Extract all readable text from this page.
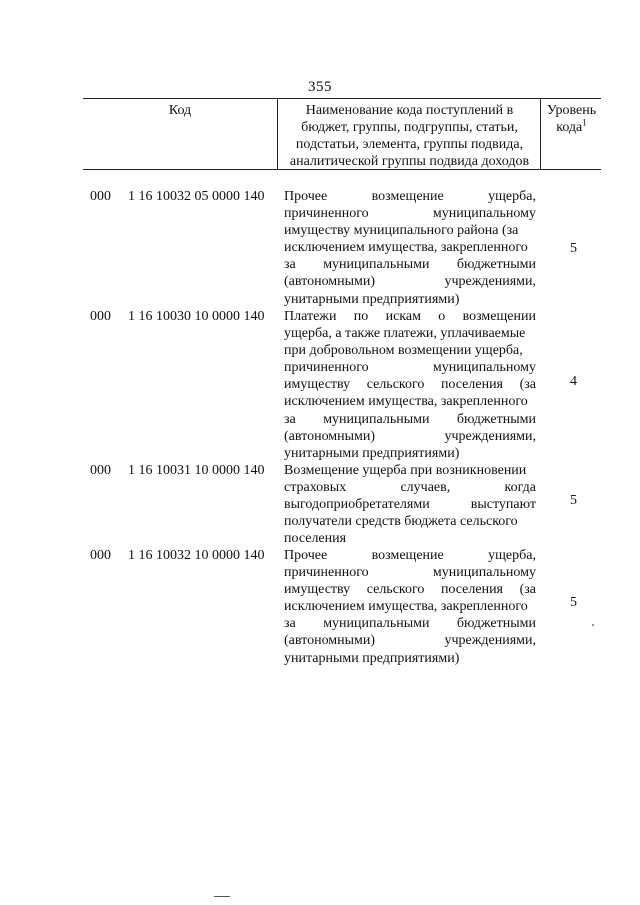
355
Код	Наименование кода поступлений в
бюджет, группы, подгруппы, статьи,
подстатьи, элемента, группы подвида,
аналитической группы подвида доходов
Уровень
кода$^1$
000 1 16 10032 05 0000 140 Прочее	возмещение	ущерба,
причиненного	муниципальному
имуществу муниципального района (за
исключением имущества, закрепленного
за муниципальными бюджетными
(автономными)	учреждениями,
унитарными предприятиями)
5
000 1 16 10030 10 0000 140 Платежи по искам о возмещении
ущерба, а также платежи, уплачиваемые
при добровольном возмещении ущерба,
причиненного	муниципальному
имуществу сельского поселения (за
исключением имущества, закрепленного
за муниципальными бюджетными
(автономными)	учреждениями,
унитарными предприятиями)
4
000 1 16 10031 10 0000 140 Возмещение ущерба при возникновении
страховых	случаев,	когда
выгодоприобретателями	выступают
получатели средств бюджета сельского
поселения
5
000 1 16 10032 10 0000 140 Прочее	возмещение	ущерба,
причиненного	муниципальному
имуществу сельского поселения (за
исключением имущества, закрепленного
за муниципальными бюджетными
(автономными)	учреждениями,
унитарными предприятиями)
5
